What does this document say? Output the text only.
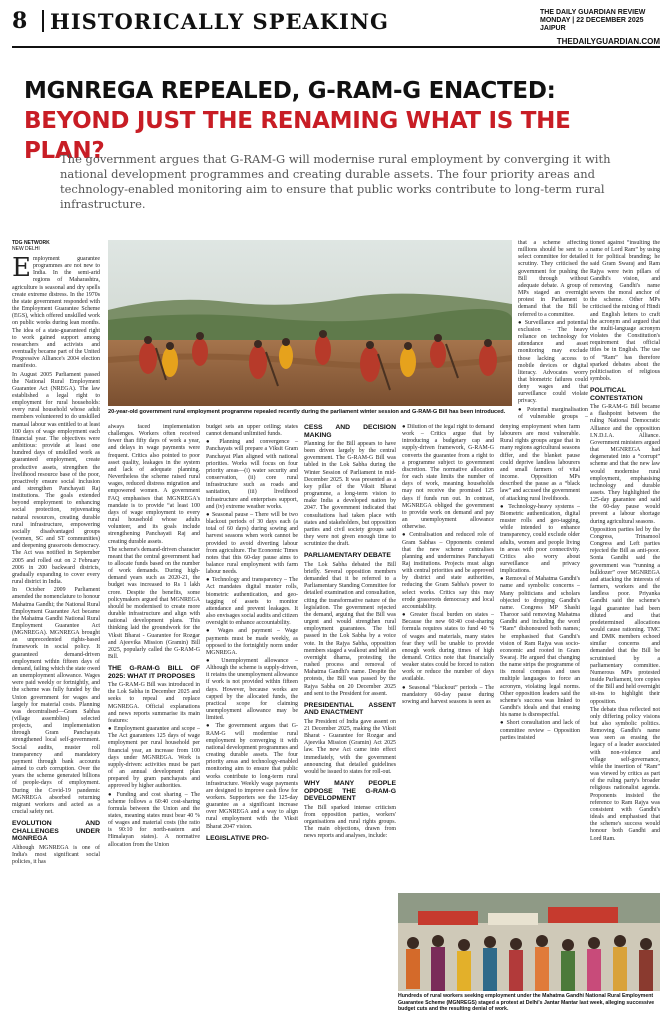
8	HISTORICALLY SPEAKING	THE DAILY GUARDIAN REVIEW
MONDAY | 22 DECEMBER 2025
JAIPUR
THEDAILYGUARDIAN.COM
MGNREGA REPEALED, G-RAM-G ENACTED: BEYOND JUST THE RENAMING WHAT IS THE PLAN?
The government argues that G-RAM-G will modernise rural employment by converging it with national development programmes and creating durable assets. The four priority areas and technology-enabled monitoring aim to ensure that public works contribute to long-term rural infrastructure.
TDG NETWORK
NEW DELHI
20-year-old government rural employment programme repealed recently during the parliament winter session and G-RAM-G Bill has been introduced.

Employment guarantee programmes are not new to India. In the semi-arid regions of Maharashtra, agriculture is seasonal and dry spells create extreme distress. In the 1970s the state government responded with the Employment Guarantee Scheme (EGS), which offered unskilled work on public works during lean months. The idea of a state-guaranteed right to work gained support among researchers and activists and eventually became part of the United Progressive Alliance's 2004 election manifesto.

In August 2005 Parliament passed the National Rural Employment Guarantee Act (NREGA). The law established a legal right to employment for rural households: every rural household whose adult members volunteered to do unskilled manual labour was entitled to at least 100 days of wage employment each financial year. The objectives were ambitious: provide at least one hundred days of unskilled work as guaranteed employment, create productive assets, strengthen the livelihood resource base of the poor, proactively ensure social inclusion and strengthen Panchayati Raj institutions. The goals extended beyond employment to enhancing social protection, rejuvenating natural resources, creating durable rural infrastructure, empowering socially disadvantaged groups (women, SC and ST communities) and deepening grassroots democracy. The Act was notified in September 2005 and rolled out on 2 February 2006 in 200 backward districts, gradually expanding to cover every rural district in India.

In October 2009 Parliament amended the nomenclature to honour Mahatma Gandhi; the National Rural Employment Guarantee Act became the Mahatma Gandhi National Rural Employment Guarantee Act (MGNREGA). MGNREGA brought an unprecedented rights-based framework in social policy. It guaranteed demand-driven employment within fifteen days of demand, failing which the state owed an unemployment allowance. Wages were paid weekly or fortnightly, and the scheme was fully funded by the Union government for wages and largely for material costs. Planning was decentralised—Gram Sabhas (village assemblies) selected projects, and implementation through Gram Panchayats strengthened local self-government. Social audits, muster roll transparency and mandatory payment through bank accounts aimed to curb corruption. Over the years the scheme generated billions of people-days of employment. During the Covid-19 pandemic MGNREGA absorbed returning migrant workers and acted as a crucial safety net.

EVOLUTION AND CHALLENGES UNDER MGNREGA

Although MGNREGA is one of India's most significant social policies, it has

always faced implementation challenges. Workers often received fewer than fifty days of work a year, and delays in wage payments were frequent. Critics also pointed to poor asset quality, leakages in the system and lack of adequate planning. Nevertheless the scheme raised rural wages, reduced distress migration and empowered women. A government FAQ emphasises that MGNREGA's mandate is to provide “at least 100 days of wage employment to every rural household whose adults volunteer, and its goals include strengthening Panchayati Raj and creating durable assets.

The scheme's demand-driven character meant that the central government had to allocate funds based on the number of work demands. During high-demand years such as 2020-21, the budget was increased to Rs 1 lakh crore. Despite the benefits, some policymakers argued that MGNREGA should be modernised to create more durable infrastructure and align with national development plans. This thinking laid the groundwork for the Viksit Bharat - Guarantee for Rozgar and Ajeevika Mission (Gramin) Bill 2025, popularly called the G-RAM-G Bill.

THE G-RAM-G BILL OF 2025: WHAT IT PROPOSES

The G-RAM-G Bill was introduced in the Lok Sabha in December 2025 and seeks to repeal and replace MGNREGA. Official explanations and news reports summarise its main features:

● Employment guarantee and scope – The Act guarantees 125 days of wage employment per rural household per financial year, an increase from 100 days under MGNREGA. Work is supply-driven: activities must be part of an annual development plan prepared by gram panchayats and approved by higher authorities.

● Funding and cost sharing – The scheme follows a 60:40 cost-sharing formula between the Union and the states, meaning states must bear 40 % of wages and material costs (the ratio is 90:10 for north-eastern and Himalayan states). A normative allocation from the Union

budget sets an upper ceiling; states cannot demand unlimited funds.

● Planning and convergence – Panchayats will prepare a Viksit Gram Panchayat Plan aligned with national priorities. Works will focus on four priority areas—(i) water security and conservation, (ii) core rural infrastructure such as roads and sanitation, (iii) livelihood infrastructure and enterprises support, and (iv) extreme weather works.

● Seasonal pause – There will be two blackout periods of 30 days each (a total of 60 days) during sowing and harvest seasons when work cannot be provided to avoid diverting labour from agriculture. The Economic Times notes that this 60-day pause aims to balance rural employment with farm labour needs.

● Technology and transparency – The Act mandates digital muster rolls, biometric authentication, and geo-tagging of assets to monitor attendance and prevent leakages. It also envisages social audits and citizen oversight to enhance accountability.

● Wages and payment – Wage payments must be made weekly, as opposed to the fortnightly norm under MGNREGA.

● Unemployment allowance – Although the scheme is supply-driven, it retains the unemployment allowance if work is not provided within fifteen days. However, because works are capped by the allocated funds, the practical scope for claiming unemployment allowance may be limited.

● The government argues that G-RAM-G will modernise rural employment by converging it with national development programmes and creating durable assets. The four priority areas and technology-enabled monitoring aim to ensure that public works contribute to long-term rural infrastructure. Weekly wage payments are designed to improve cash flow for workers. Supporters see the 125-day guarantee as a significant increase over MGNREGA and a way to align rural employment with the Viksit Bharat 2047 vision.

LEGISLATIVE PRO-
CESS AND DECISION MAKING

Planning for the Bill appears to have been driven largely by the central government. The G-RAM-G Bill was tabled in the Lok Sabha during the Winter Session of Parliament in mid-December 2025. It was presented as a key pillar of the Viksit Bharat programme, a long-term vision to make India a developed nation by 2047. The government indicated that consultations had taken place with states and stakeholders, but opposition parties and civil society groups said they were not given enough time to scrutinize the draft.

PARLIAMENTARY DEBATE

The Lok Sabha debated the Bill briefly. Several opposition members demanded that it be referred to a Parliamentary Standing Committee for detailed examination and consultation, citing the transformative nature of the legislation. The government rejected the demand, arguing that the Bill was urgent and would strengthen rural employment guarantees. The bill passed in the Lok Sabha by a voice vote. In the Rajya Sabha, opposition members staged a walkout and held an overnight dharna, protesting the rushed process and removal of Mahatma Gandhi's name. Despite the protests, the Bill was passed by the Rajya Sabha on 20 December 2025 and sent to the President for assent.

PRESIDENTIAL ASSENT AND ENACTMENT

The President of India gave assent on 21 December 2025, making the Viksit Bharat - Guarantee for Rozgar and Ajeevika Mission (Gramin) Act 2025 law. The new Act came into effect immediately, with the government announcing that detailed guidelines would be issued to states for roll-out.

WHY MANY PEOPLE OPPOSE THE G-RAM-G DEVELOPMENT

The Bill sparked intense criticism from opposition parties, workers' organisations and rural rights groups. The main objections, drawn from news reports and analyses, include:

● Dilution of the legal right to demand work – Critics argue that by introducing a budgetary cap and supply-driven framework, G-RAM-G converts the guarantee from a right to a programme subject to government discretion. The normative allocation for each state limits the number of days of work, meaning households may not receive the promised 125 days if funds run out. In contrast, MGNREGA obliged the government to provide work on demand and pay an unemployment allowance otherwise.

● Centralisation and reduced role of Gram Sabhas – Opponents contend that the new scheme centralises planning and undermines Panchayati Raj institutions. Projects must align with central priorities and be approved by district and state authorities, reducing the Gram Sabha's power to select works. Critics say this may erode grassroots democracy and local accountability.

● Greater fiscal burden on states – Because the new 60:40 cost-sharing formula requires states to fund 40 % of wages and materials, many states fear they will be unable to provide enough work during times of high demand. Critics note that financially weaker states could be forced to ration work or reduce the number of days available.

● Seasonal “blackout” periods – The mandatory 60-day pause during sowing and harvest seasons is seen as

denying employment when farm labourers are most vulnerable. Rural rights groups argue that in many regions agricultural seasons differ, and the blanket pause could deprive landless labourers and small farmers of vital income. Opposition MPs described the pause as a “black law” and accused the government of attacking rural livelihoods.

● Technology-heavy systems – Biometric authentication, digital muster rolls and geo-tagging, while intended to enhance transparency, could exclude older adults, women and people living in areas with poor connectivity. Critics also worry about surveillance and privacy implications.

● Removal of Mahatma Gandhi's name and symbolic concerns – Many politicians and scholars objected to dropping Gandhi's name. Congress MP Shashi Tharoor said removing Mahatma Gandhi and including the word “Ram” dishonoured both names; he emphasised that Gandhi's vision of Ram Rajya was socio-economic and rooted in Gram Swaraj. He argued that changing the name strips the programme of its moral compass and uses multiple languages to force an acronym, violating legal norms. Other opposition leaders said the scheme's success was linked to Gandhi's ideals and that erasing his name is disrespectful.

● Short consultation and lack of committee review – Opposition parties insisted

that a scheme affecting millions should be sent to a select committee for detailed scrutiny. They criticised the government for pushing the Bill through without adequate debate. A group of MPs staged an overnight protest in Parliament to demand that the Bill be referred to a committee.

● Surveillance and potential exclusion – The heavy reliance on technology for attendance and asset monitoring may exclude those lacking access to mobile devices or digital literacy. Advocates worry that biometric failures could deny wages and that surveillance could violate privacy.

● Potential marginalisation of vulnerable groups –

tioned against “insulting the name of Lord Ram” by using it for political branding; he said Gram Swaraj and Ram Rajya were twin pillars of Gandhi's vision, and removing Gandhi's name severs the moral anchor of the scheme. Other MPs criticised the mixing of Hindi and English letters to craft the acronym and argued that the multi-language acronym violates the Constitution's requirement that official titles be in English. The use of “Ram” has therefore sparked debates about the politicisation of religious symbols.

POLITICAL CONTESTATION

The G-RAM-G Bill became a flashpoint between the ruling National Democratic Alliance and the opposition I.N.D.I.A. Alliance. Government ministers argued that MGNREGA had degenerated into a “corrupt” scheme and that the new law would modernise rural employment, emphasising technology and durable assets. They highlighted the 125-day guarantee and said the 60-day pause would prevent a labour shortage during agricultural seasons.

Opposition parties led by the Congress, Trinamool Congress and Left parties rejected the Bill as anti-poor. Sonia Gandhi said the government was “running a bulldozer” over MGNREGA and attacking the interests of farmers, workers and the landless poor. Priyanka Gandhi said the scheme's legal guarantee had been diluted and that predetermined allocations would cause rationing. TMC and DMK members echoed similar concerns and demanded that the Bill be scrutinised by a parliamentary committee. Numerous MPs protested inside Parliament, tore copies of the Bill and held overnight sit-ins to highlight their opposition.

The debate thus reflected not only differing policy visions but also symbolic politics. Removing Gandhi's name was seen as erasing the legacy of a leader associated with non-violence and village self-governance, while the insertion of “Ram” was viewed by critics as part of the ruling party's broader religious nationalist agenda. Proponents insisted the reference to Ram Rajya was consistent with Gandhi's ideals and emphasised that the scheme's success would honour both Gandhi and Lord Ram.

Hundreds of rural workers seeking employment under the Mahatma Gandhi National Rural Employment Guarantee Scheme (MGNREGS) staged a protest at Delhi's Jantar Mantar last week, alleging successive budget cuts and the resulting denial of work.
